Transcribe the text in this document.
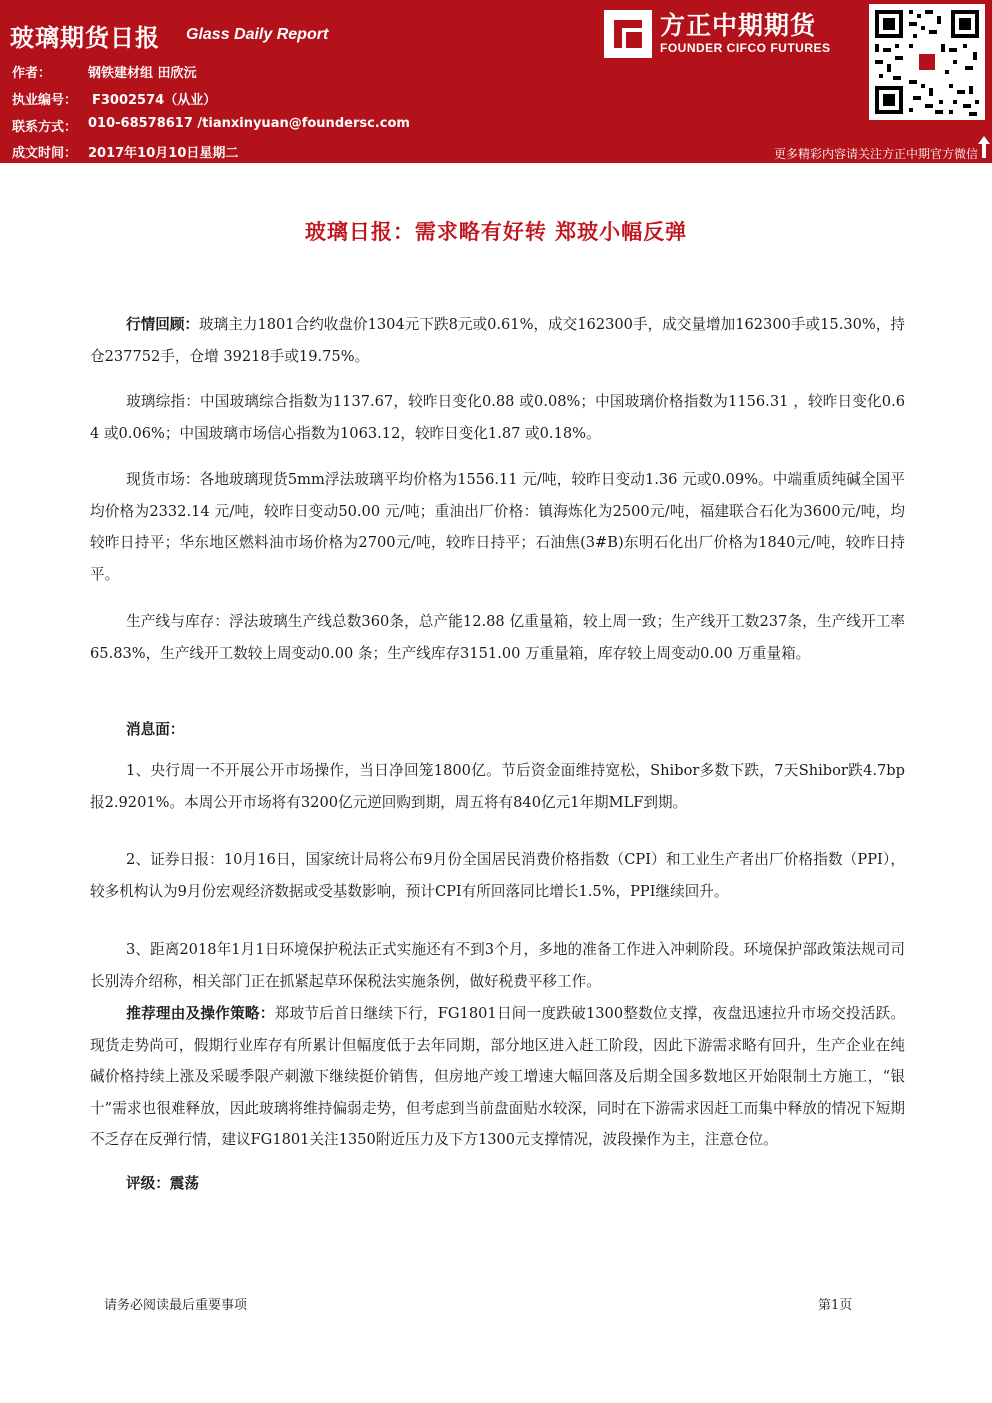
玻璃期货日报 Glass Daily Report
作者：	钢铁建材组 田欣沅
执业编号： F3002574（从业）
联系方式： 010-68578617 /tianxinyuan@foundersc.com
成文时间： 2017年10月10日星期二
方正中期期货
FOUNDER CIFCO FUTURES
更多精彩内容请关注方正中期官方微信
玻璃日报：需求略有好转 郑玻小幅反弹
行情回顾：玻璃主力1801合约收盘价1304元下跌8元或0.61%，成交162300手，成交量增加162300手或15.30%，持仓237752手，仓增 39218手或19.75%。
玻璃综指：中国玻璃综合指数为1137.67，较昨日变化0.88 或0.08%；中国玻璃价格指数为1156.31 ，较昨日变化0.64 或0.06%；中国玻璃市场信心指数为1063.12，较昨日变化1.87 或0.18%。
现货市场：各地玻璃现货5mm浮法玻璃平均价格为1556.11 元/吨，较昨日变动1.36 元或0.09%。中端重质纯碱全国平均价格为2332.14 元/吨，较昨日变动50.00 元/吨；重油出厂价格：镇海炼化为2500元/吨，福建联合石化为3600元/吨，均较昨日持平；华东地区燃料油市场价格为2700元/吨，较昨日持平；石油焦(3#B)东明石化出厂价格为1840元/吨，较昨日持平。
生产线与库存：浮法玻璃生产线总数360条，总产能12.88 亿重量箱，较上周一致；生产线开工数237条，生产线开工率65.83%，生产线开工数较上周变动0.00 条；生产线库存3151.00 万重量箱，库存较上周变动0.00 万重量箱。
消息面：
1、央行周一不开展公开市场操作，当日净回笼1800亿。节后资金面维持宽松，Shibor多数下跌，7天Shibor跌4.7bp报2.9201%。本周公开市场将有3200亿元逆回购到期，周五将有840亿元1年期MLF到期。
2、证券日报：10月16日，国家统计局将公布9月份全国居民消费价格指数（CPI）和工业生产者出厂价格指数（PPI），较多机构认为9月份宏观经济数据或受基数影响，预计CPI有所回落同比增长1.5%，PPI继续回升。
3、距离2018年1月1日环境保护税法正式实施还有不到3个月，多地的准备工作进入冲刺阶段。环境保护部政策法规司司长别涛介绍称，相关部门正在抓紧起草环保税法实施条例，做好税费平移工作。
推荐理由及操作策略：郑玻节后首日继续下行，FG1801日间一度跌破1300整数位支撑，夜盘迅速拉升市场交投活跃。现货走势尚可，假期行业库存有所累计但幅度低于去年同期，部分地区进入赶工阶段，因此下游需求略有回升，生产企业在纯碱价格持续上涨及采暖季限产刺激下继续挺价销售，但房地产竣工增速大幅回落及后期全国多数地区开始限制土方施工，“银十”需求也很难释放，因此玻璃将维持偏弱走势，但考虑到当前盘面贴水较深，同时在下游需求因赶工而集中释放的情况下短期不乏存在反弹行情，建议FG1801关注1350附近压力及下方1300元支撑情况，波段操作为主，注意仓位。
评级：震荡
请务必阅读最后重要事项	第1页
